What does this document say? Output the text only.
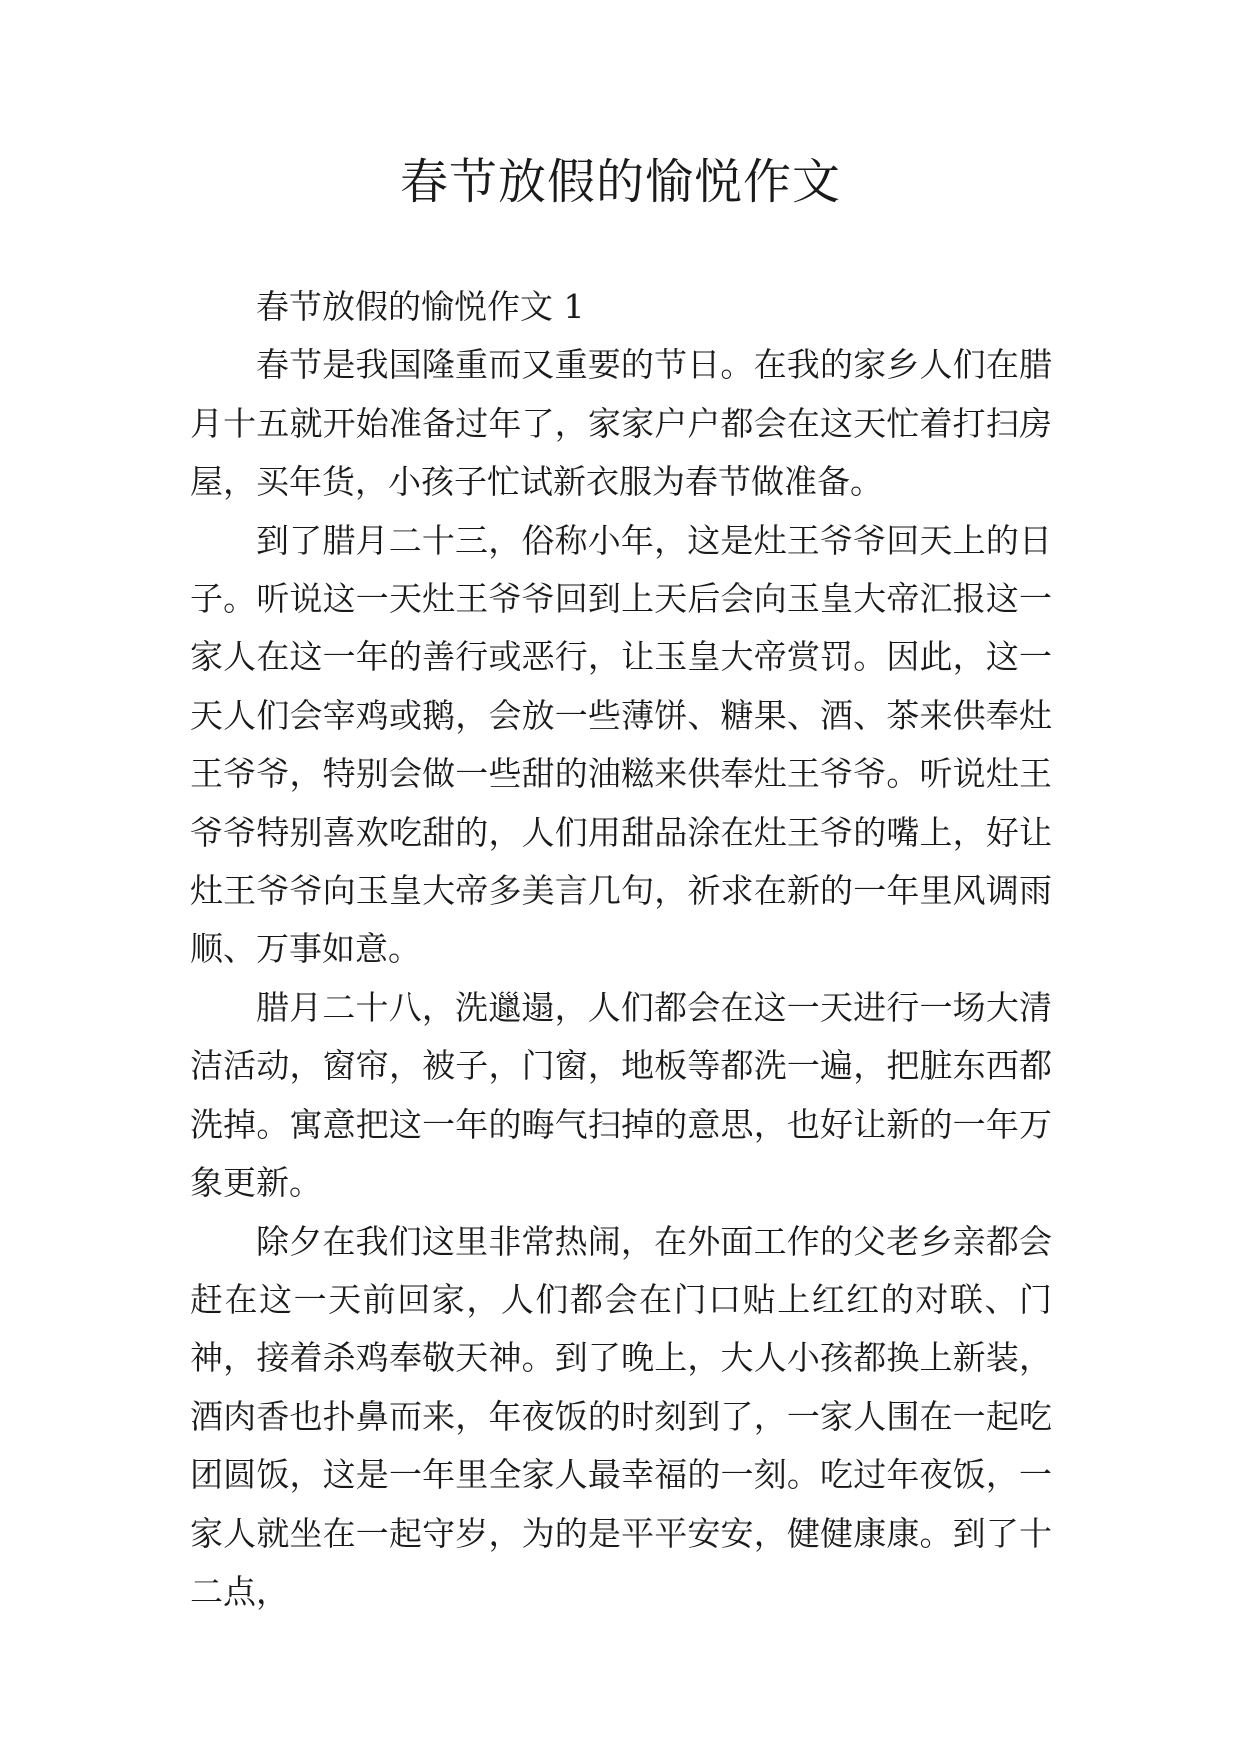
春节放假的愉悦作文

春节放假的愉悦作文 1

春节是我国隆重而又重要的节日。在我的家乡人们在腊月十五就开始准备过年了，家家户户都会在这天忙着打扫房屋，买年货，小孩子忙试新衣服为春节做准备。

到了腊月二十三，俗称小年，这是灶王爷爷回天上的日子。听说这一天灶王爷爷回到上天后会向玉皇大帝汇报这一家人在这一年的善行或恶行，让玉皇大帝赏罚。因此，这一天人们会宰鸡或鹅，会放一些薄饼、糖果、酒、茶来供奉灶王爷爷，特别会做一些甜的油糍来供奉灶王爷爷。听说灶王爷爷特别喜欢吃甜的，人们用甜品涂在灶王爷的嘴上，好让灶王爷爷向玉皇大帝多美言几句，祈求在新的一年里风调雨顺、万事如意。

腊月二十八，洗邋遢，人们都会在这一天进行一场大清洁活动，窗帘，被子，门窗，地板等都洗一遍，把脏东西都洗掉。寓意把这一年的晦气扫掉的意思，也好让新的一年万象更新。

除夕在我们这里非常热闹，在外面工作的父老乡亲都会赶在这一天前回家，人们都会在门口贴上红红的对联、门神，接着杀鸡奉敬天神。到了晚上，大人小孩都换上新装，酒肉香也扑鼻而来，年夜饭的时刻到了，一家人围在一起吃团圆饭，这是一年里全家人最幸福的一刻。吃过年夜饭，一家人就坐在一起守岁，为的是平平安安，健健康康。到了十二点，
